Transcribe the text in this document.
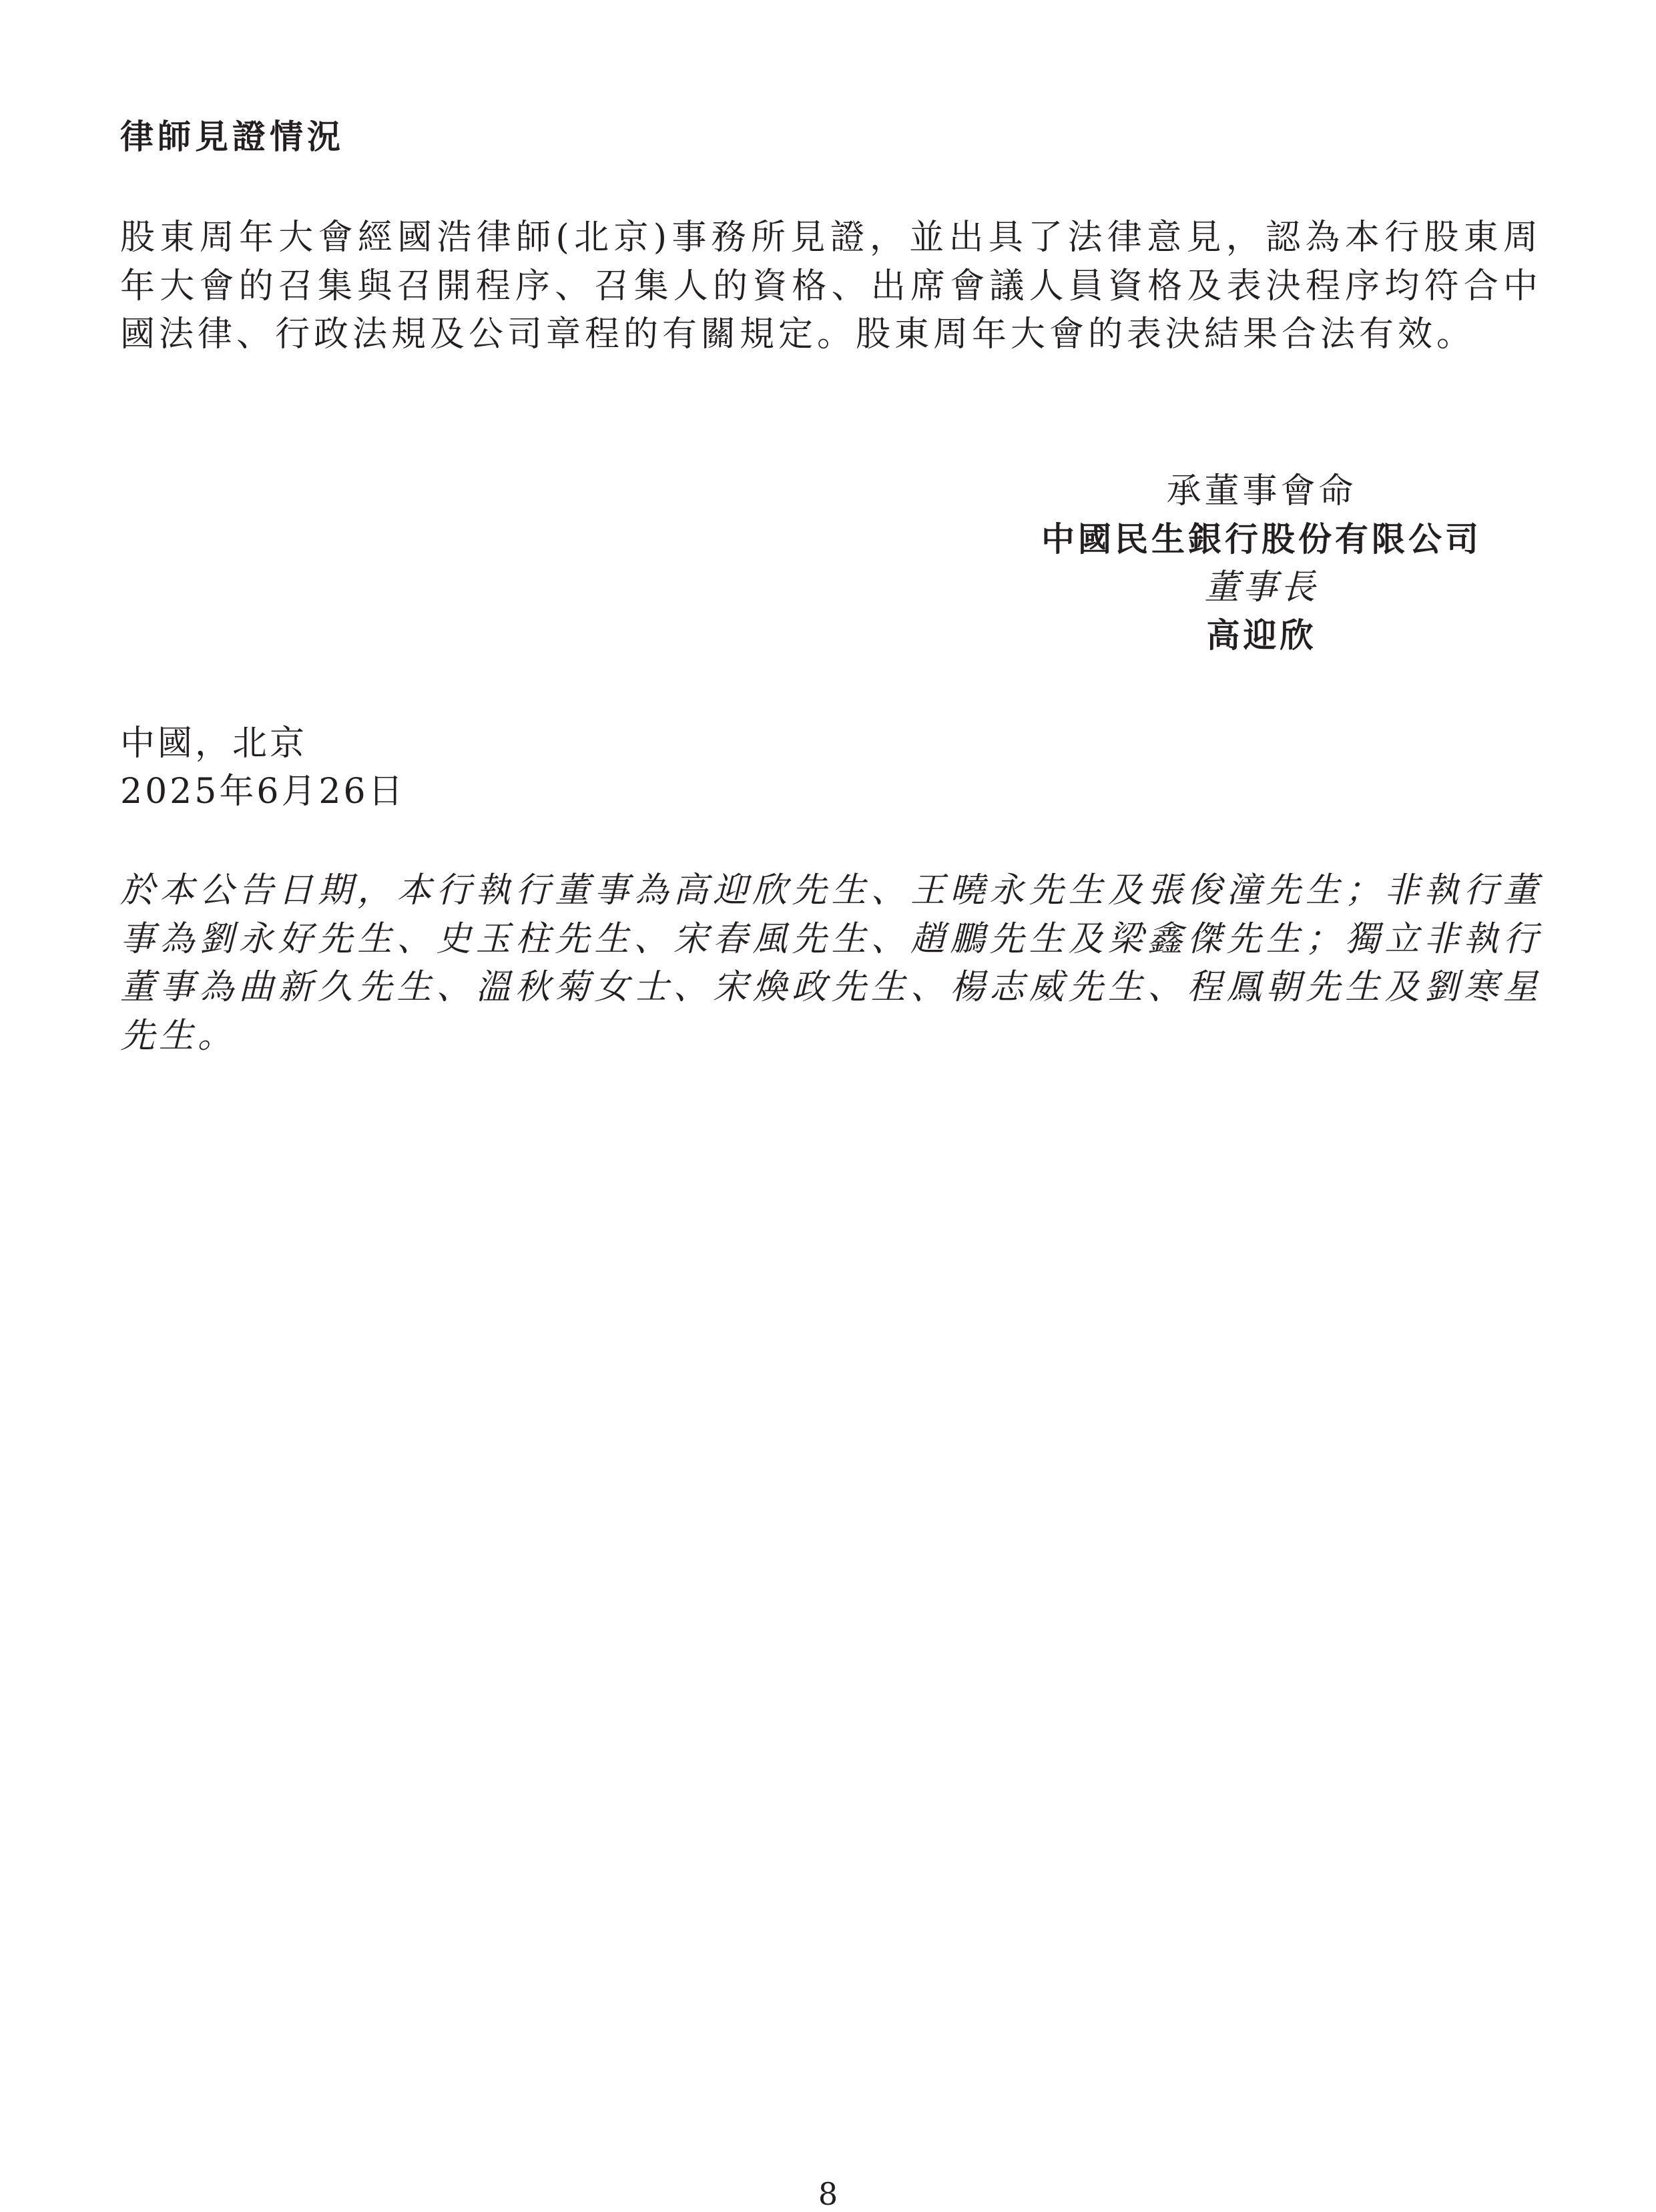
律師見證情況

股東周年大會經國浩律師(北京)事務所見證，並出具了法律意見，認為本行股東周年大會的召集與召開程序、召集人的資格、出席會議人員資格及表決程序均符合中國法律、行政法規及公司章程的有關規定。股東周年大會的表決結果合法有效。

承董事會命
中國民生銀行股份有限公司
董事長
高迎欣
中國，北京
2025年6月26日

於本公告日期，本行執行董事為高迎欣先生、王曉永先生及張俊潼先生；非執行董事為劉永好先生、史玉柱先生、宋春風先生、趙鵬先生及梁鑫傑先生；獨立非執行董事為曲新久先生、溫秋菊女士、宋煥政先生、楊志威先生、程鳳朝先生及劉寒星先生。

8
